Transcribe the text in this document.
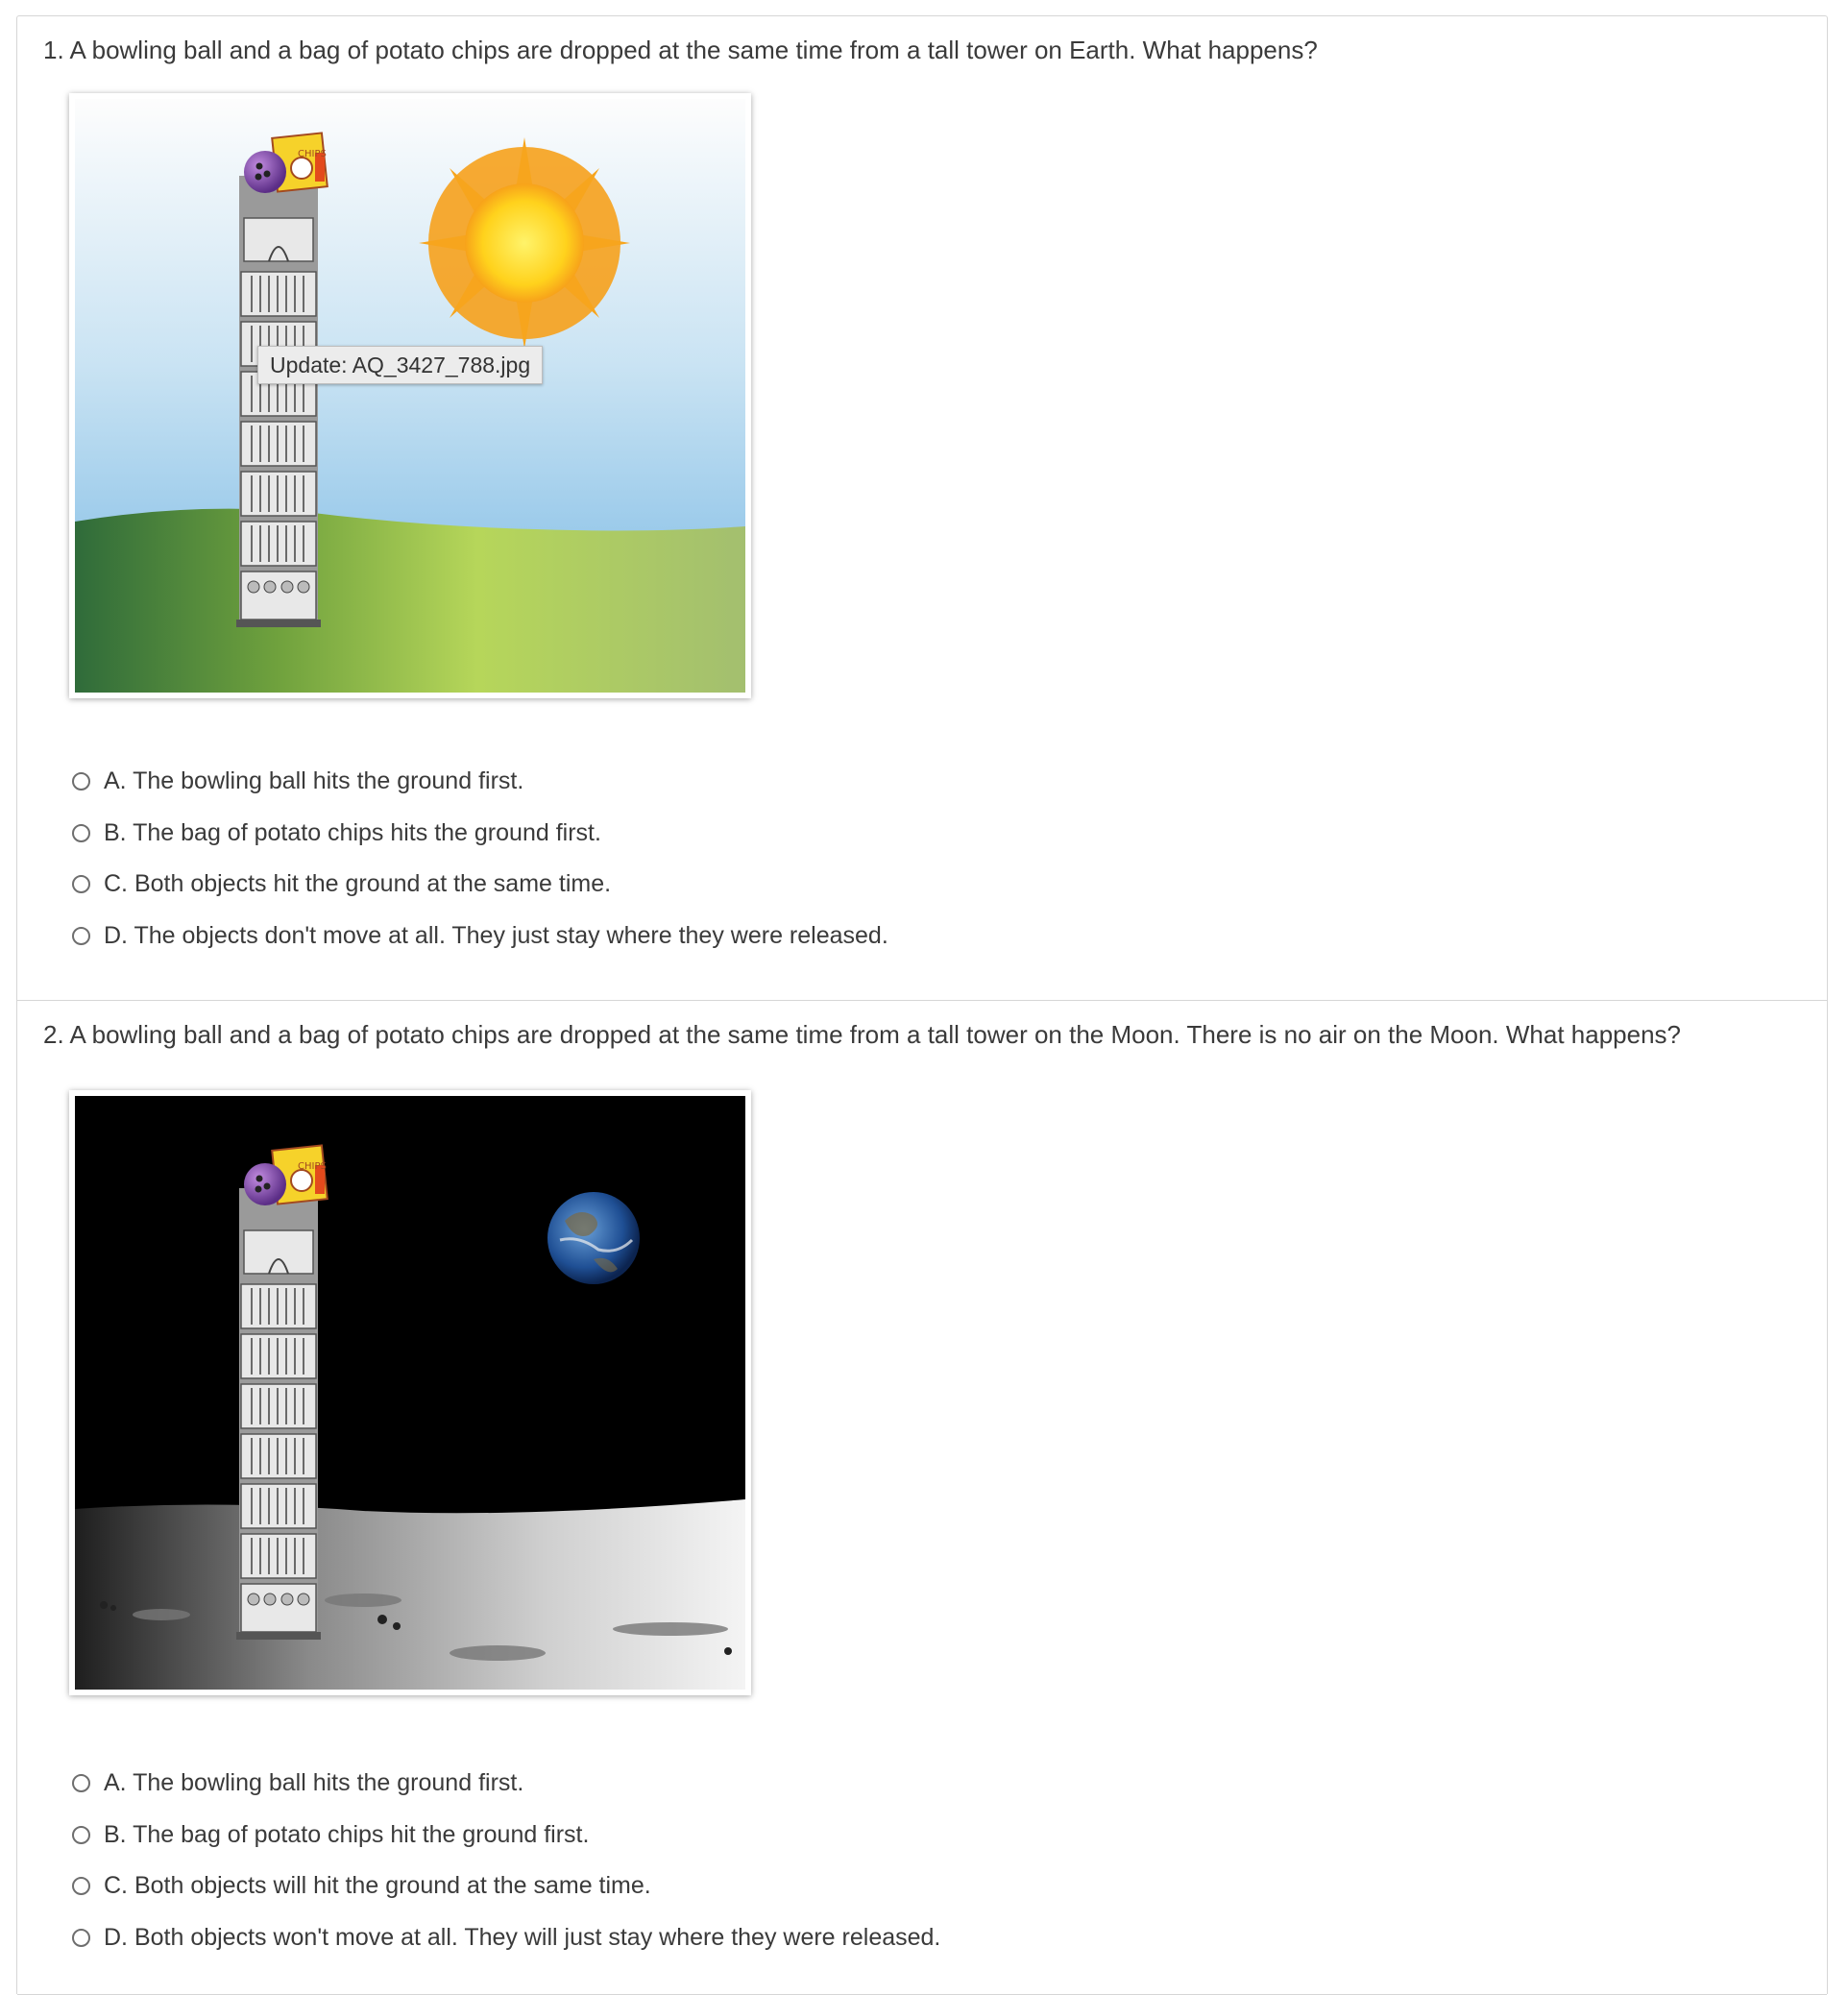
1. A bowling ball and a bag of potato chips are dropped at the same time from a tall tower on Earth. What happens?
CHIPS
Update: AQ_3427_788.jpg
A. The bowling ball hits the ground first.
B. The bag of potato chips hits the ground first.
C. Both objects hit the ground at the same time.
D. The objects don't move at all. They just stay where they were released.
2. A bowling ball and a bag of potato chips are dropped at the same time from a tall tower on the Moon. There is no air on the Moon. What happens?
CHIPS
A. The bowling ball hits the ground first.
B. The bag of potato chips hit the ground first.
C. Both objects will hit the ground at the same time.
D. Both objects won't move at all. They will just stay where they were released.
